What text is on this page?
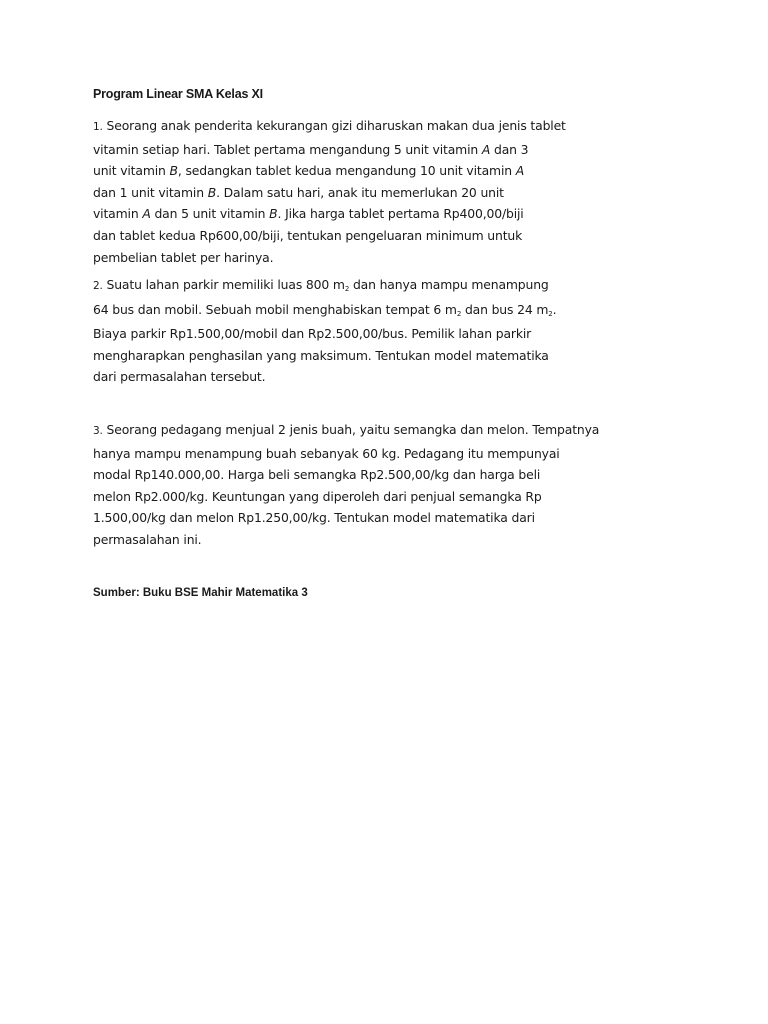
Program Linear SMA Kelas XI
1. Seorang anak penderita kekurangan gizi diharuskan makan dua jenis tablet
vitamin setiap hari. Tablet pertama mengandung 5 unit vitamin A dan 3
unit vitamin B, sedangkan tablet kedua mengandung 10 unit vitamin A
dan 1 unit vitamin B. Dalam satu hari, anak itu memerlukan 20 unit
vitamin A dan 5 unit vitamin B. Jika harga tablet pertama Rp400,00/biji
dan tablet kedua Rp600,00/biji, tentukan pengeluaran minimum untuk
pembelian tablet per harinya.
2. Suatu lahan parkir memiliki luas 800 m2 dan hanya mampu menampung
64 bus dan mobil. Sebuah mobil menghabiskan tempat 6 m2 dan bus 24 m2.
Biaya parkir Rp1.500,00/mobil dan Rp2.500,00/bus. Pemilik lahan parkir
mengharapkan penghasilan yang maksimum. Tentukan model matematika
dari permasalahan tersebut.
3. Seorang pedagang menjual 2 jenis buah, yaitu semangka dan melon. Tempatnya
hanya mampu menampung buah sebanyak 60 kg. Pedagang itu mempunyai
modal Rp140.000,00. Harga beli semangka Rp2.500,00/kg dan harga beli
melon Rp2.000/kg. Keuntungan yang diperoleh dari penjual semangka Rp
1.500,00/kg dan melon Rp1.250,00/kg. Tentukan model matematika dari
permasalahan ini.
Sumber: Buku BSE Mahir Matematika 3
